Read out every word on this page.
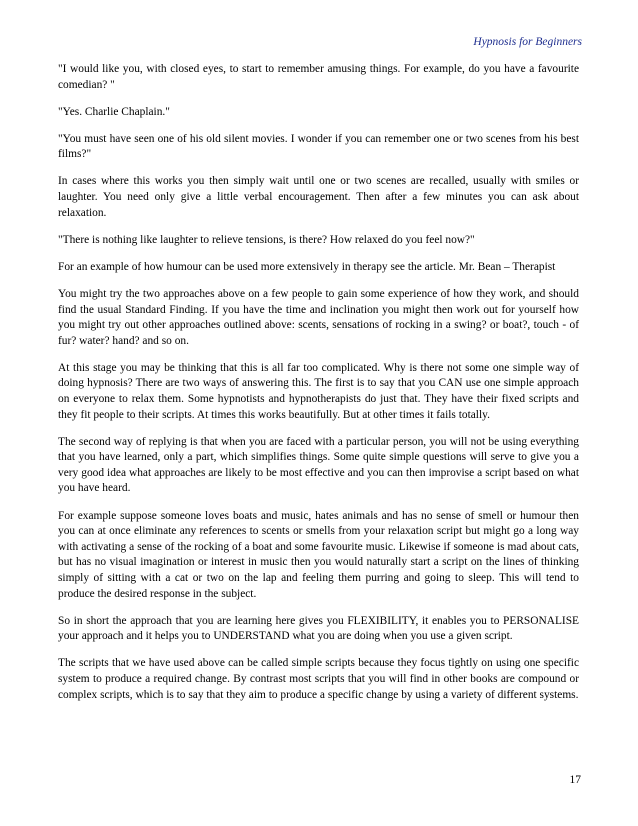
Hypnosis for Beginners

"I would like you, with closed eyes, to start to remember amusing things. For example, do you have a favourite comedian? "

"Yes. Charlie Chaplain."

"You must have seen one of his old silent movies. I wonder if you can remember one or two scenes from his best films?"

In cases where this works you then simply wait until one or two scenes are recalled, usually with smiles or laughter. You need only give a little verbal encouragement. Then after a few minutes you can ask about relaxation.

"There is nothing like laughter to relieve tensions, is there? How relaxed do you feel now?"

For an example of how humour can be used more extensively in therapy see the article. Mr. Bean – Therapist

You might try the two approaches above on a few people to gain some experience of how they work, and should find the usual Standard Finding. If you have the time and inclination you might then work out for yourself how you might try out other approaches outlined above: scents, sensations of rocking in a swing? or boat?, touch - of fur? water? hand? and so on.

At this stage you may be thinking that this is all far too complicated. Why is there not some one simple way of doing hypnosis? There are two ways of answering this. The first is to say that you CAN use one simple approach on everyone to relax them. Some hypnotists and hypnotherapists do just that. They have their fixed scripts and they fit people to their scripts. At times this works beautifully. But at other times it fails totally.

The second way of replying is that when you are faced with a particular person, you will not be using everything that you have learned, only a part, which simplifies things. Some quite simple questions will serve to give you a very good idea what approaches are likely to be most effective and you can then improvise a script based on what you have heard.

For example suppose someone loves boats and music, hates animals and has no sense of smell or humour then you can at once eliminate any references to scents or smells from your relaxation script but might go a long way with activating a sense of the rocking of a boat and some favourite music. Likewise if someone is mad about cats, but has no visual imagination or interest in music then you would naturally start a script on the lines of thinking simply of sitting with a cat or two on the lap and feeling them purring and going to sleep. This will tend to produce the desired response in the subject.

So in short the approach that you are learning here gives you FLEXIBILITY, it enables you to PERSONALISE your approach and it helps you to UNDERSTAND what you are doing when you use a given script.

The scripts that we have used above can be called simple scripts because they focus tightly on using one specific system to produce a required change. By contrast most scripts that you will find in other books are compound or complex scripts, which is to say that they aim to produce a specific change by using a variety of different systems.

17
